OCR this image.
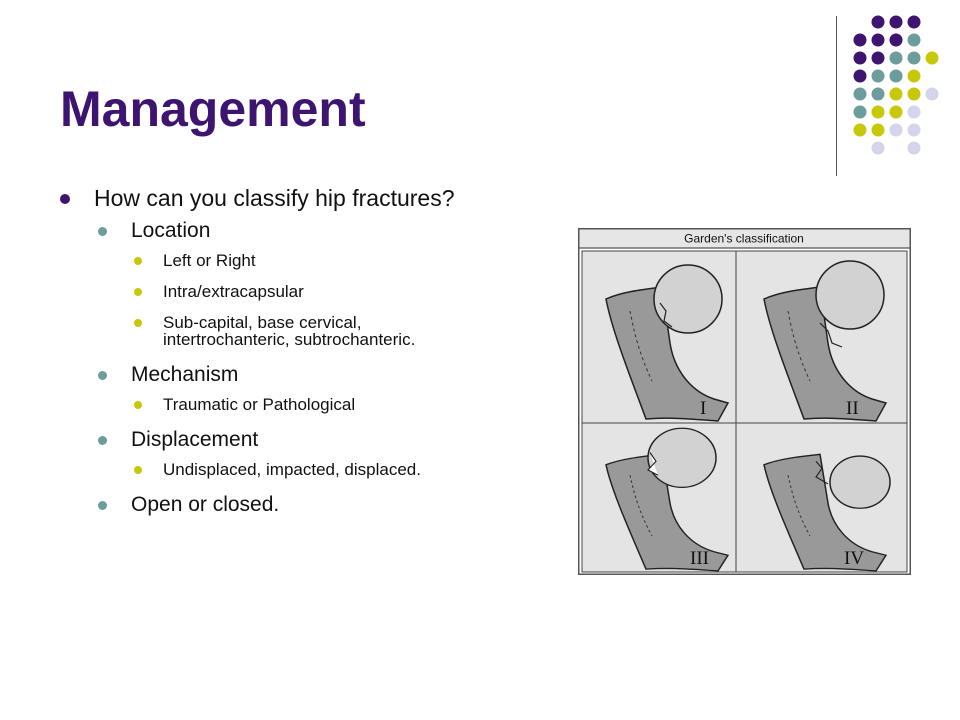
Management
How can you classify hip fractures?
Location
Left or Right
Intra/extracapsular
Sub-capital, base cervical, intertrochanteric, subtrochanteric.
Mechanism
Traumatic or Pathological
Displacement
Undisplaced, impacted, displaced.
Open or closed.
Garden's classification
I	II
III	IV
